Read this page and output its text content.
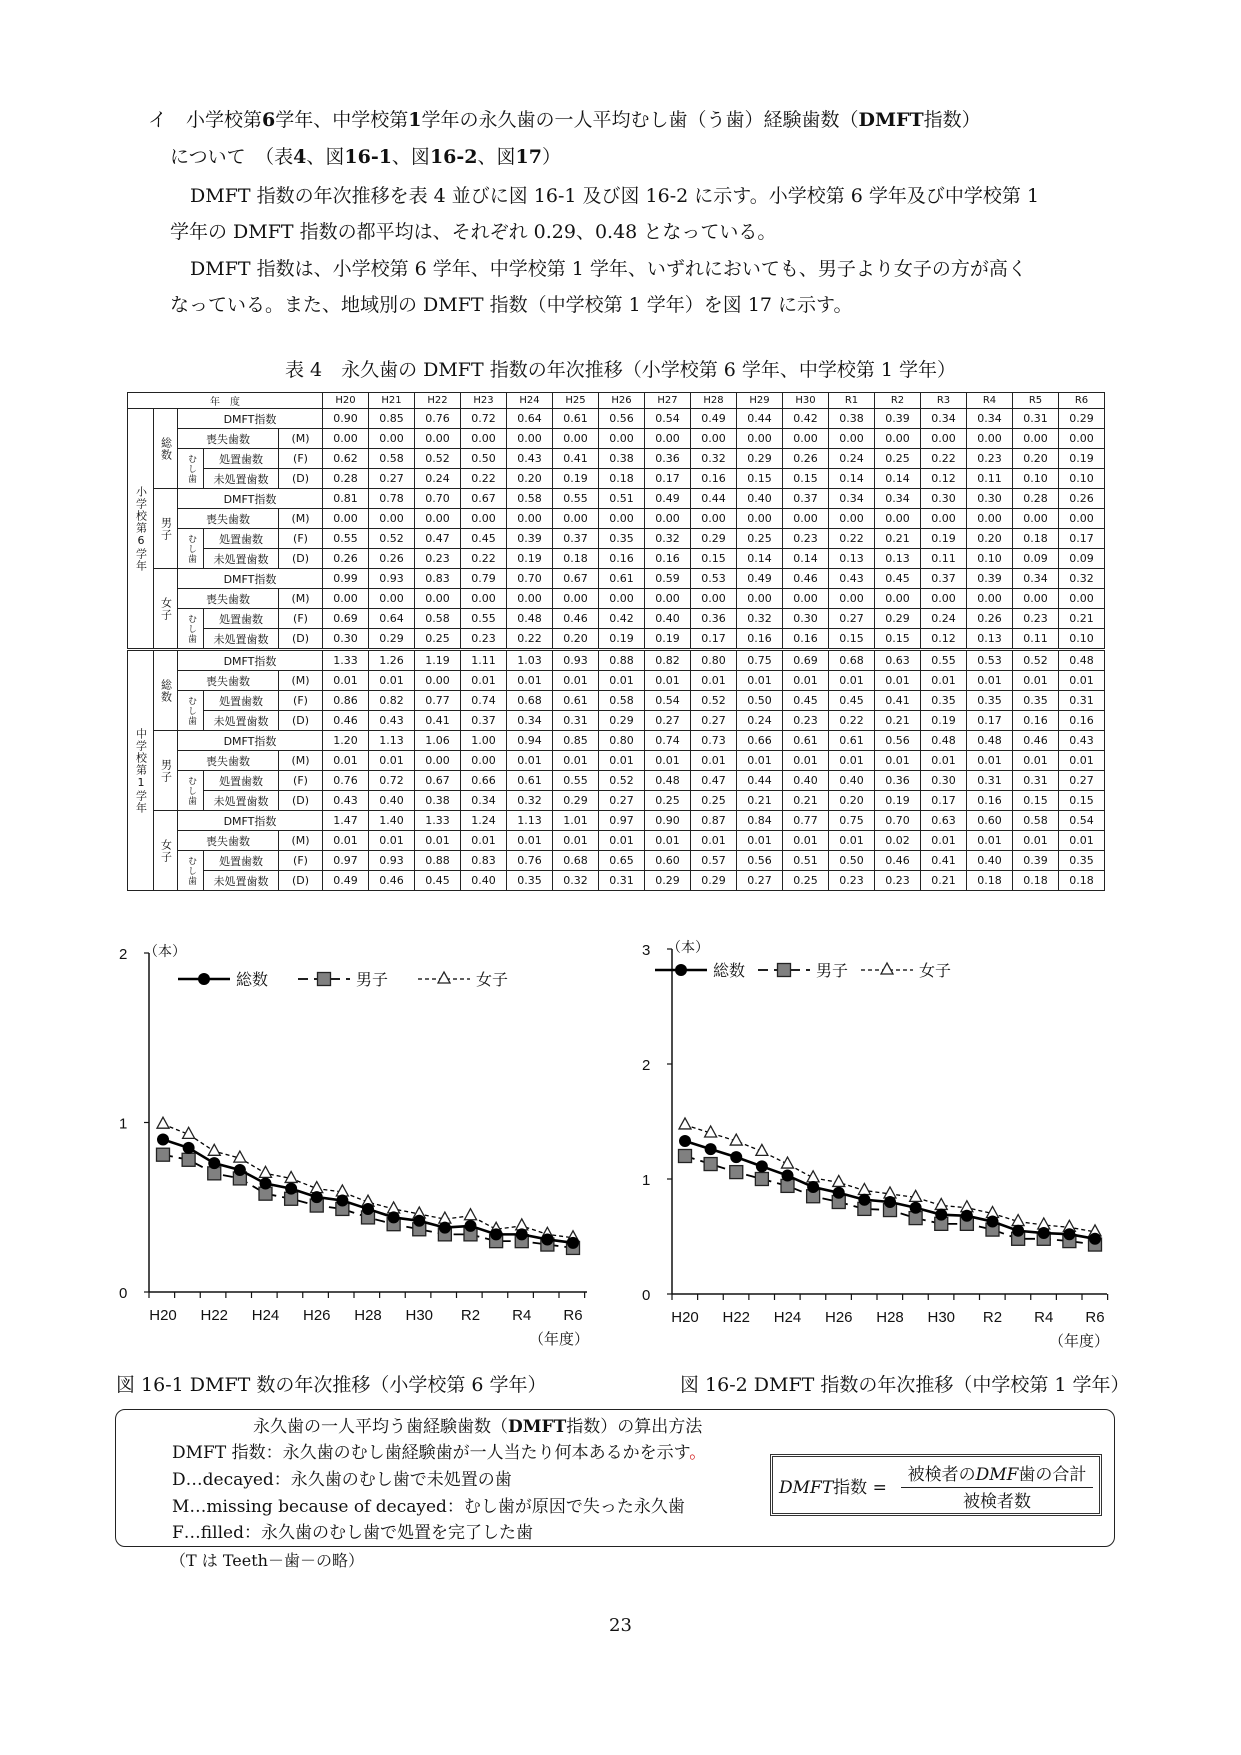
イ　小学校第6学年、中学校第1学年の永久歯の一人平均むし歯（う歯）経験歯数（DMFT指数）
について　（表4、図16-1、図16-2、図17）
DMFT 指数の年次推移を表 4 並びに図 16-1 及び図 16-2 に示す。小学校第 6 学年及び中学校第 1
学年の DMFT 指数の都平均は、それぞれ 0.29、0.48 となっている。
DMFT 指数は、小学校第 6 学年、中学校第 1 学年、いずれにおいても、男子より女子の方が高く
なっている。また、地域別の DMFT 指数（中学校第 1 学年）を図 17 に示す。
表 4　永久歯の DMFT 指数の年次推移（小学校第 6 学年、中学校第 1 学年）
年　度					H20	H21	H22	H23	H24	H25	H26	H27	H28	H29	H30	R1	R2	R3	R4	R5	R6
小学校第6学年	総数	DMFT指数			0.90	0.85	0.76	0.72	0.64	0.61	0.56	0.54	0.49	0.44	0.42	0.38	0.39	0.34	0.34	0.31	0.29
		喪失歯数		(M)	0.00	0.00	0.00	0.00	0.00	0.00	0.00	0.00	0.00	0.00	0.00	0.00	0.00	0.00	0.00	0.00	0.00
		むし歯	処置歯数	(F)	0.62	0.58	0.52	0.50	0.43	0.41	0.38	0.36	0.32	0.29	0.26	0.24	0.25	0.22	0.23	0.20	0.19
			未処置歯数	(D)	0.28	0.27	0.24	0.22	0.20	0.19	0.18	0.17	0.16	0.15	0.15	0.14	0.14	0.12	0.11	0.10	0.10
	男子	DMFT指数			0.81	0.78	0.70	0.67	0.58	0.55	0.51	0.49	0.44	0.40	0.37	0.34	0.34	0.30	0.30	0.28	0.26
		喪失歯数		(M)	0.00	0.00	0.00	0.00	0.00	0.00	0.00	0.00	0.00	0.00	0.00	0.00	0.00	0.00	0.00	0.00	0.00
		むし歯	処置歯数	(F)	0.55	0.52	0.47	0.45	0.39	0.37	0.35	0.32	0.29	0.25	0.23	0.22	0.21	0.19	0.20	0.18	0.17
			未処置歯数	(D)	0.26	0.26	0.23	0.22	0.19	0.18	0.16	0.16	0.15	0.14	0.14	0.13	0.13	0.11	0.10	0.09	0.09
	女子	DMFT指数			0.99	0.93	0.83	0.79	0.70	0.67	0.61	0.59	0.53	0.49	0.46	0.43	0.45	0.37	0.39	0.34	0.32
		喪失歯数		(M)	0.00	0.00	0.00	0.00	0.00	0.00	0.00	0.00	0.00	0.00	0.00	0.00	0.00	0.00	0.00	0.00	0.00
		むし歯	処置歯数	(F)	0.69	0.64	0.58	0.55	0.48	0.46	0.42	0.40	0.36	0.32	0.30	0.27	0.29	0.24	0.26	0.23	0.21
			未処置歯数	(D)	0.30	0.29	0.25	0.23	0.22	0.20	0.19	0.19	0.17	0.16	0.16	0.15	0.15	0.12	0.13	0.11	0.10
中学校第1学年	総数	DMFT指数			1.33	1.26	1.19	1.11	1.03	0.93	0.88	0.82	0.80	0.75	0.69	0.68	0.63	0.55	0.53	0.52	0.48
		喪失歯数		(M)	0.01	0.01	0.00	0.01	0.01	0.01	0.01	0.01	0.01	0.01	0.01	0.01	0.01	0.01	0.01	0.01	0.01
		むし歯	処置歯数	(F)	0.86	0.82	0.77	0.74	0.68	0.61	0.58	0.54	0.52	0.50	0.45	0.45	0.41	0.35	0.35	0.35	0.31
			未処置歯数	(D)	0.46	0.43	0.41	0.37	0.34	0.31	0.29	0.27	0.27	0.24	0.23	0.22	0.21	0.19	0.17	0.16	0.16
	男子	DMFT指数			1.20	1.13	1.06	1.00	0.94	0.85	0.80	0.74	0.73	0.66	0.61	0.61	0.56	0.48	0.48	0.46	0.43
		喪失歯数		(M)	0.01	0.01	0.00	0.00	0.01	0.01	0.01	0.01	0.01	0.01	0.01	0.01	0.01	0.01	0.01	0.01	0.01
		むし歯	処置歯数	(F)	0.76	0.72	0.67	0.66	0.61	0.55	0.52	0.48	0.47	0.44	0.40	0.40	0.36	0.30	0.31	0.31	0.27
			未処置歯数	(D)	0.43	0.40	0.38	0.34	0.32	0.29	0.27	0.25	0.25	0.21	0.21	0.20	0.19	0.17	0.16	0.15	0.15
	女子	DMFT指数			1.47	1.40	1.33	1.24	1.13	1.01	0.97	0.90	0.87	0.84	0.77	0.75	0.70	0.63	0.60	0.58	0.54
		喪失歯数		(M)	0.01	0.01	0.01	0.01	0.01	0.01	0.01	0.01	0.01	0.01	0.01	0.01	0.02	0.01	0.01	0.01	0.01
		むし歯	処置歯数	(F)	0.97	0.93	0.88	0.83	0.76	0.68	0.65	0.60	0.57	0.56	0.51	0.50	0.46	0.41	0.40	0.39	0.35
			未処置歯数	(D)	0.49	0.46	0.45	0.40	0.35	0.32	0.31	0.29	0.29	0.27	0.25	0.23	0.23	0.21	0.18	0.18	0.18
0
1
2 （本）
H20 H22 H24 H26 H28 H30 R2 R4 R6
（年度）
総数	男子	女子
0
1
2
3 （本）
H20 H22 H24 H26 H28 H30 R2 R4 R6
（年度）
総数	男子	女子
図 16-1 DMFT 数の年次推移（小学校第 6 学年）	図 16-2 DMFT 指数の年次推移（中学校第 1 学年）
永久歯の一人平均う歯経験歯数（DMFT指数）の算出方法
DMFT 指数：永久歯のむし歯経験歯が一人当たり何本あるかを示す。
D…decayed：永久歯のむし歯で未処置の歯
M…missing because of decayed：むし歯が原因で失った永久歯
F…filled：永久歯のむし歯で処置を完了した歯
DMFT指数 =
被検者のDMF歯の合計
被検者数
（T は Teeth－歯－の略）
23
